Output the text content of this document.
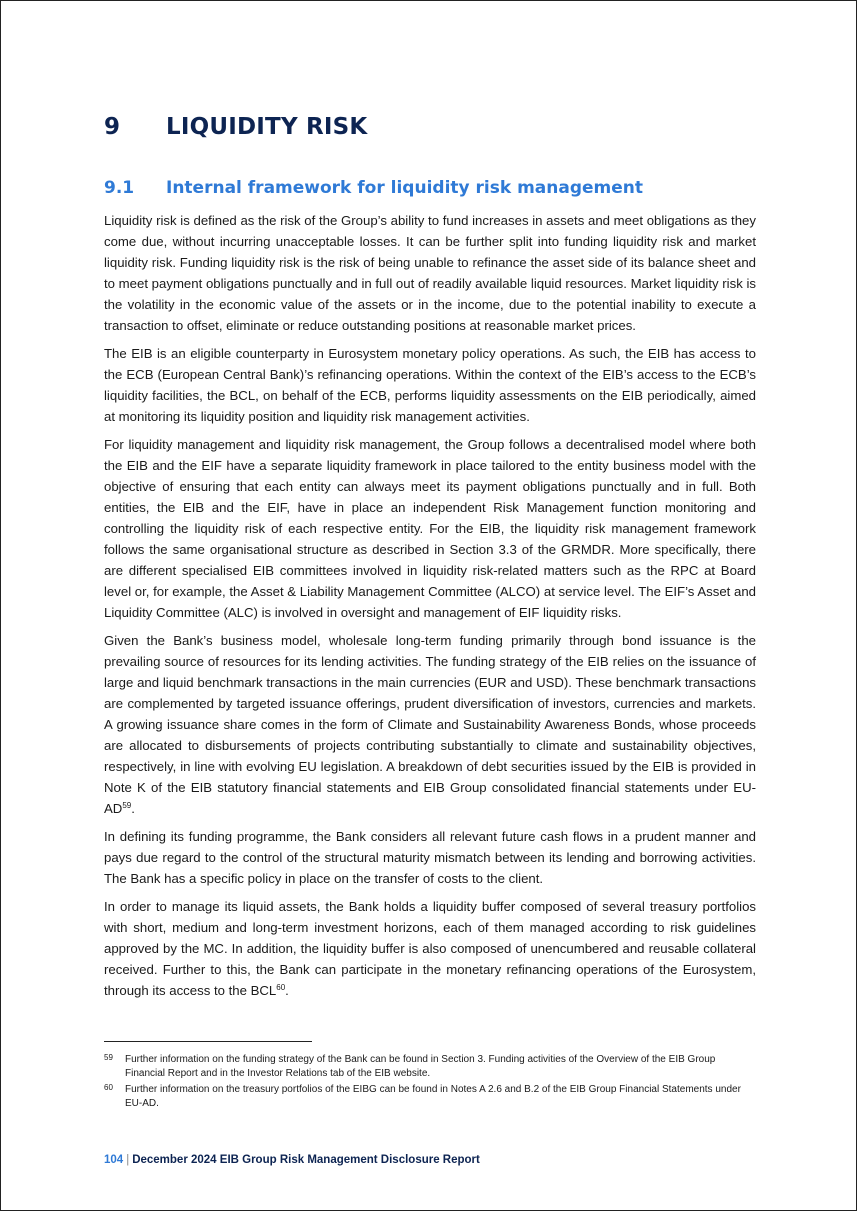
9 LIQUIDITY RISK
9.1 Internal framework for liquidity risk management

Liquidity risk is defined as the risk of the Group’s ability to fund increases in assets and meet obligations as they come due, without incurring unacceptable losses. It can be further split into funding liquidity risk and market liquidity risk. Funding liquidity risk is the risk of being unable to refinance the asset side of its balance sheet and to meet payment obligations punctually and in full out of readily available liquid resources. Market liquidity risk is the volatility in the economic value of the assets or in the income, due to the potential inability to execute a transaction to offset, eliminate or reduce outstanding positions at reasonable market prices.

The EIB is an eligible counterparty in Eurosystem monetary policy operations. As such, the EIB has access to the ECB (European Central Bank)’s refinancing operations. Within the context of the EIB’s access to the ECB’s liquidity facilities, the BCL, on behalf of the ECB, performs liquidity assessments on the EIB periodically, aimed at monitoring its liquidity position and liquidity risk management activities.

For liquidity management and liquidity risk management, the Group follows a decentralised model where both the EIB and the EIF have a separate liquidity framework in place tailored to the entity business model with the objective of ensuring that each entity can always meet its payment obligations punctually and in full. Both entities, the EIB and the EIF, have in place an independent Risk Management function monitoring and controlling the liquidity risk of each respective entity. For the EIB, the liquidity risk management framework follows the same organisational structure as described in Section 3.3 of the GRMDR. More specifically, there are different specialised EIB committees involved in liquidity risk-related matters such as the RPC at Board level or, for example, the Asset & Liability Management Committee (ALCO) at service level. The EIF’s Asset and Liquidity Committee (ALC) is involved in oversight and management of EIF liquidity risks.

Given the Bank’s business model, wholesale long-term funding primarily through bond issuance is the prevailing source of resources for its lending activities. The funding strategy of the EIB relies on the issuance of large and liquid benchmark transactions in the main currencies (EUR and USD). These benchmark transactions are complemented by targeted issuance offerings, prudent diversification of investors, currencies and markets. A growing issuance share comes in the form of Climate and Sustainability Awareness Bonds, whose proceeds are allocated to disbursements of projects contributing substantially to climate and sustainability objectives, respectively, in line with evolving EU legislation. A breakdown of debt securities issued by the EIB is provided in Note K of the EIB statutory financial statements and EIB Group consolidated financial statements under EU-AD$^{59}$.

In defining its funding programme, the Bank considers all relevant future cash flows in a prudent manner and pays due regard to the control of the structural maturity mismatch between its lending and borrowing activities. The Bank has a specific policy in place on the transfer of costs to the client.

In order to manage its liquid assets, the Bank holds a liquidity buffer composed of several treasury portfolios with short, medium and long-term investment horizons, each of them managed according to risk guidelines approved by the MC. In addition, the liquidity buffer is also composed of unencumbered and reusable collateral received. Further to this, the Bank can participate in the monetary refinancing operations of the Eurosystem, through its access to the BCL$^{60}$.

59	Further information on the funding strategy of the Bank can be found in Section 3. Funding activities of the Overview of the EIB Group Financial Report and in the Investor Relations tab of the EIB website.
60	Further information on the treasury portfolios of the EIBG can be found in Notes A 2.6 and B.2 of the EIB Group Financial Statements under EU-AD.
104 | December 2024 EIB Group Risk Management Disclosure Report
